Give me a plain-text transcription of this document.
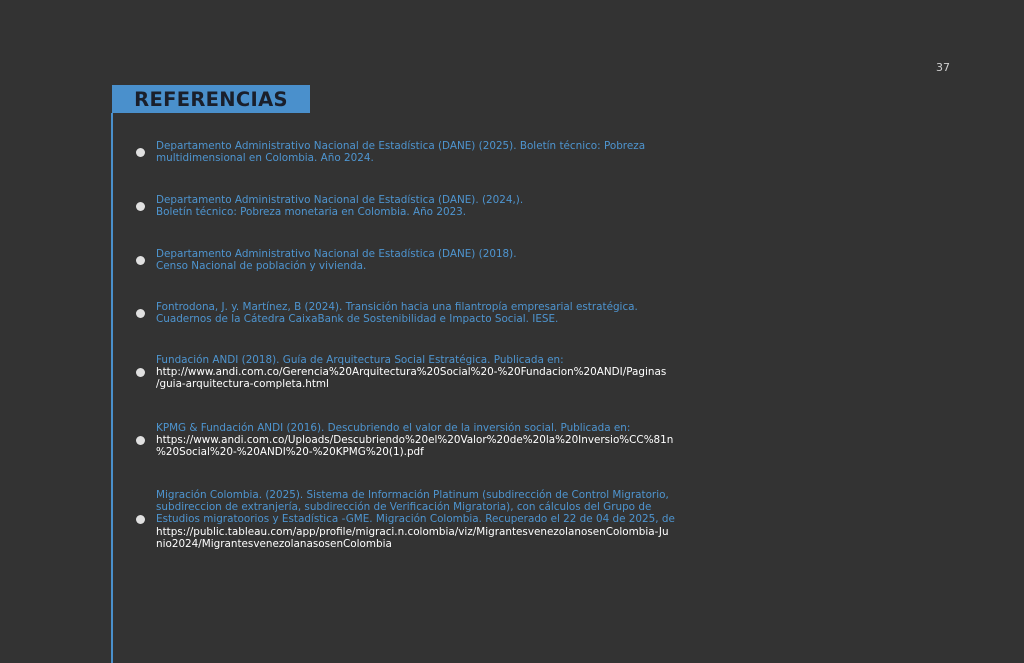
37
REFERENCIAS
Departamento Administrativo Nacional de Estadística (DANE) (2025). Boletín técnico: Pobreza
multidimensional en Colombia. Año 2024.
Departamento Administrativo Nacional de Estadística (DANE). (2024,).
Boletín técnico: Pobreza monetaria en Colombia. Año 2023.
Departamento Administrativo Nacional de Estadística (DANE) (2018).
Censo Nacional de población y vivienda.
Fontrodona, J. y. Martínez, B (2024). Transición hacia una filantropía empresarial estratégica.
Cuadernos de la Cátedra CaixaBank de Sostenibilidad e Impacto Social. IESE.
Fundación ANDI (2018). Guía de Arquitectura Social Estratégica. Publicada en:
http://www.andi.com.co/Gerencia%20Arquitectura%20Social%20-%20Fundacion%20ANDI/Paginas
/guia-arquitectura-completa.html
KPMG & Fundación ANDI (2016). Descubriendo el valor de la inversión social. Publicada en:
https://www.andi.com.co/Uploads/Descubriendo%20el%20Valor%20de%20la%20Inversio%CC%81n
%20Social%20-%20ANDI%20-%20KPMG%20(1).pdf
Migración Colombia. (2025). Sistema de Información Platinum (subdirección de Control Migratorio,
subdireccion de extranjería, subdirección de Verificación Migratoria), con cálculos del Grupo de
Estudios migratoorios y Estadística -GME. Migración Colombia. Recuperado el 22 de 04 de 2025, de
https://public.tableau.com/app/profile/migraci.n.colombia/viz/MigrantesvenezolanosenColombia-Ju
nio2024/MigrantesvenezolanasosenColombia
